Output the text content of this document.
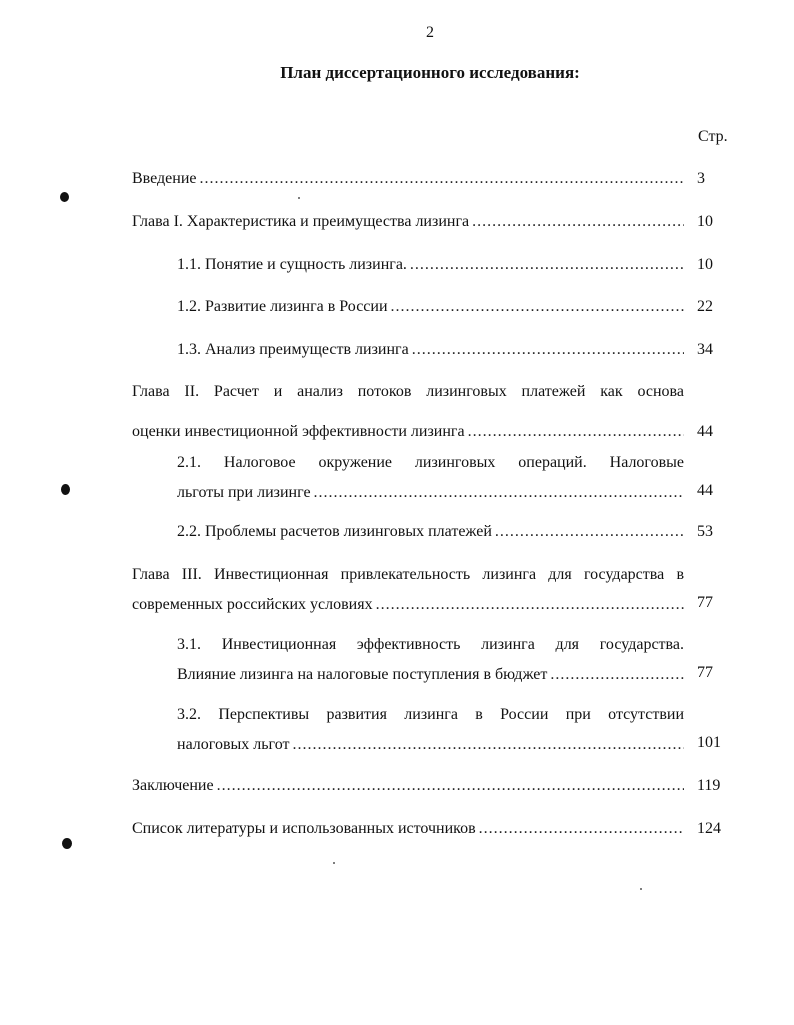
2
План диссертационного исследования:
Стр.
Введение .....	3
Глава I. Характеристика и преимущества лизинга .....	10
1.1. Понятие и сущность лизинга. .....	10
1.2. Развитие лизинга в России .....	22
1.3. Анализ преимуществ лизинга .....	34
Глава II. Расчет и анализ потоков лизинговых платежей как основа
оценки инвестиционной эффективности лизинга .....	44
2.1. Налоговое окружение лизинговых операций. Налоговые
льготы при лизинге .....	44
2.2. Проблемы расчетов лизинговых платежей .....	53
Глава III. Инвестиционная привлекательность лизинга для государства в
современных российских условиях .....	77
3.1. Инвестиционная эффективность лизинга для государства.
Влияние лизинга на налоговые поступления в бюджет .....	77
3.2. Перспективы развития лизинга в России при отсутствии
налоговых льгот .....	101
Заключение .....	119
Список литературы и использованных источников .....	124
